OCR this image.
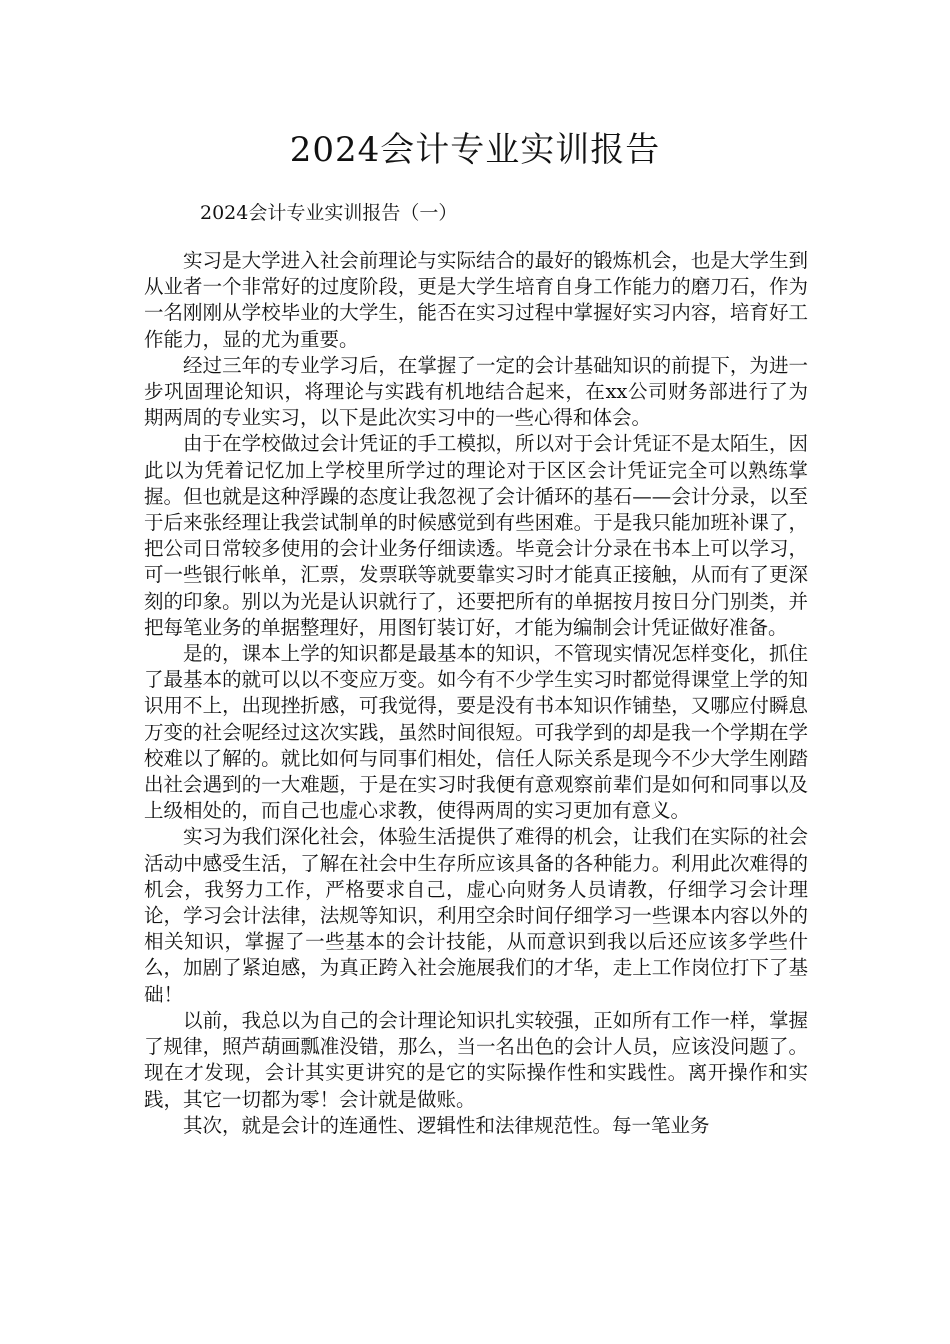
2024会计专业实训报告
2024会计专业实训报告（一）

实习是大学进入社会前理论与实际结合的最好的锻炼机会，也是大学生到从业者一个非常好的过度阶段，更是大学生培育自身工作能力的磨刀石，作为一名刚刚从学校毕业的大学生，能否在实习过程中掌握好实习内容，培育好工作能力，显的尤为重要。

经过三年的专业学习后，在掌握了一定的会计基础知识的前提下，为进一步巩固理论知识，将理论与实践有机地结合起来，在xx公司财务部进行了为期两周的专业实习，以下是此次实习中的一些心得和体会。

由于在学校做过会计凭证的手工模拟，所以对于会计凭证不是太陌生，因此以为凭着记忆加上学校里所学过的理论对于区区会计凭证完全可以熟练掌握。但也就是这种浮躁的态度让我忽视了会计循环的基石——会计分录，以至于后来张经理让我尝试制单的时候感觉到有些困难。于是我只能加班补课了，把公司日常较多使用的会计业务仔细读透。毕竟会计分录在书本上可以学习，可一些银行帐单，汇票，发票联等就要靠实习时才能真正接触，从而有了更深刻的印象。别以为光是认识就行了，还要把所有的单据按月按日分门别类，并把每笔业务的单据整理好，用图钉装订好，才能为编制会计凭证做好准备。

是的，课本上学的知识都是最基本的知识，不管现实情况怎样变化，抓住了最基本的就可以以不变应万变。如今有不少学生实习时都觉得课堂上学的知识用不上，出现挫折感，可我觉得，要是没有书本知识作铺垫，又哪应付瞬息万变的社会呢经过这次实践，虽然时间很短。可我学到的却是我一个学期在学校难以了解的。就比如何与同事们相处，信任人际关系是现今不少大学生刚踏出社会遇到的一大难题，于是在实习时我便有意观察前辈们是如何和同事以及上级相处的，而自己也虚心求教，使得两周的实习更加有意义。

实习为我们深化社会，体验生活提供了难得的机会，让我们在实际的社会活动中感受生活，了解在社会中生存所应该具备的各种能力。利用此次难得的机会，我努力工作，严格要求自己，虚心向财务人员请教，仔细学习会计理论，学习会计法律，法规等知识，利用空余时间仔细学习一些课本内容以外的相关知识，掌握了一些基本的会计技能，从而意识到我以后还应该多学些什么，加剧了紧迫感，为真正跨入社会施展我们的才华，走上工作岗位打下了基础！

以前，我总以为自己的会计理论知识扎实较强，正如所有工作一样，掌握了规律，照芦葫画瓢准没错，那么，当一名出色的会计人员，应该没问题了。现在才发现，会计其实更讲究的是它的实际操作性和实践性。离开操作和实践，其它一切都为零！会计就是做账。

其次，就是会计的连通性、逻辑性和法律规范性。每一笔业务
